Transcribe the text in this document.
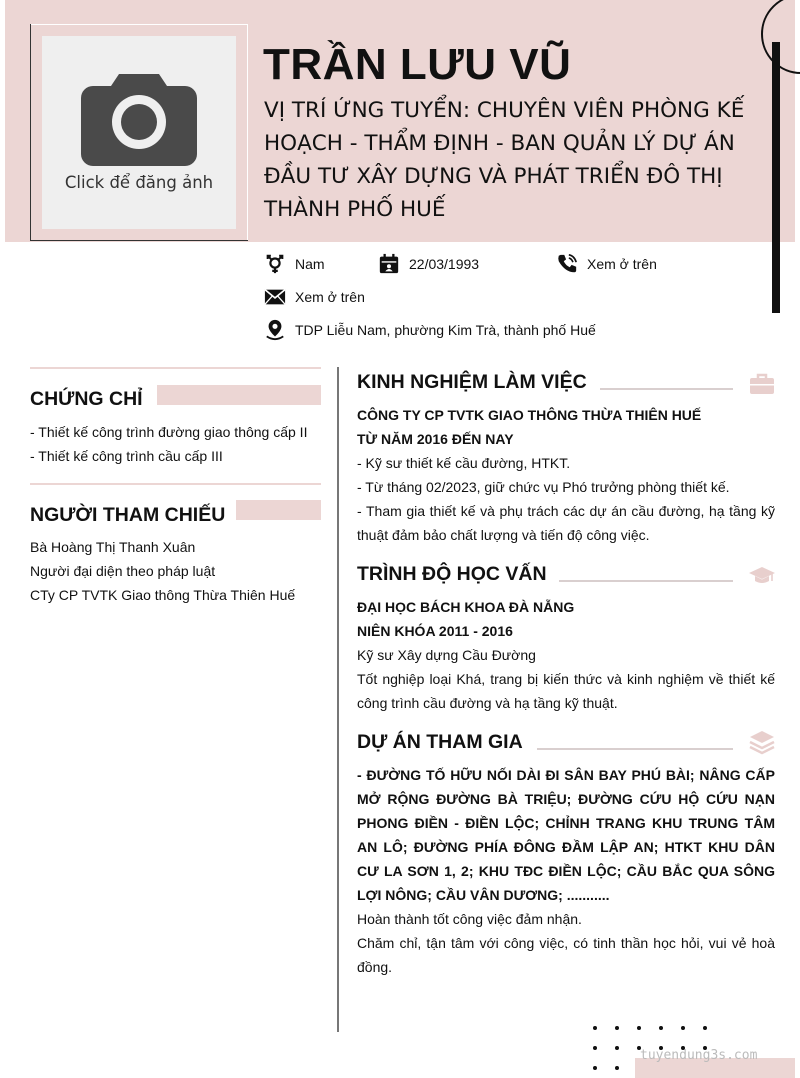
Click để đăng ảnh
TRẦN LƯU VŨ
VỊ TRÍ ỨNG TUYỂN: CHUYÊN VIÊN PHÒNG KẾ
HOẠCH - THẨM ĐỊNH - BAN QUẢN LÝ DỰ ÁN
ĐẦU TƯ XÂY DỰNG VÀ PHÁT TRIỂN ĐÔ THỊ
THÀNH PHỐ HUẾ
Nam	22/03/1993	Xem ở trên
Xem ở trên
TDP Liễu Nam, phường Kim Trà, thành phố Huế
CHỨNG CHỈ
- Thiết kế công trình đường giao thông cấp II
- Thiết kế công trình cầu cấp III
NGƯỜI THAM CHIẾU
Bà Hoàng Thị Thanh Xuân
Người đại diện theo pháp luật
CTy CP TVTK Giao thông Thừa Thiên Huế
KINH NGHIỆM LÀM VIỆC
CÔNG TY CP TVTK GIAO THÔNG THỪA THIÊN HUẾ
TỪ NĂM 2016 ĐẾN NAY
- Kỹ sư thiết kế cầu đường, HTKT.
- Từ tháng 02/2023, giữ chức vụ Phó trưởng phòng thiết kế.
- Tham gia thiết kế và phụ trách các dự án cầu đường, hạ tầng kỹ thuật đảm bảo chất lượng và tiến độ công việc.
TRÌNH ĐỘ HỌC VẤN
ĐẠI HỌC BÁCH KHOA ĐÀ NẴNG
NIÊN KHÓA 2011 - 2016
Kỹ sư Xây dựng Cầu Đường
Tốt nghiệp loại Khá, trang bị kiến thức và kinh nghiệm về thiết kế công trình cầu đường và hạ tầng kỹ thuật.
DỰ ÁN THAM GIA
- ĐƯỜNG TỐ HỮU NỐI DÀI ĐI SÂN BAY PHÚ BÀI; NÂNG CẤP MỞ RỘNG ĐƯỜNG BÀ TRIỆU; ĐƯỜNG CỨU HỘ CỨU NẠN PHONG ĐIỀN - ĐIỀN LỘC; CHỈNH TRANG KHU TRUNG TÂM AN LÔ; ĐƯỜNG PHÍA ĐÔNG ĐẦM LẬP AN; HTKT KHU DÂN CƯ LA SƠN 1, 2; KHU TĐC ĐIỀN LỘC; CẦU BẮC QUA SÔNG LỢI NÔNG; CẦU VÂN DƯƠNG; ...........
Hoàn thành tốt công việc đảm nhận.
Chăm chỉ, tận tâm với công việc, có tinh thần học hỏi, vui vẻ hoà đồng.
tuyendung3s.com
